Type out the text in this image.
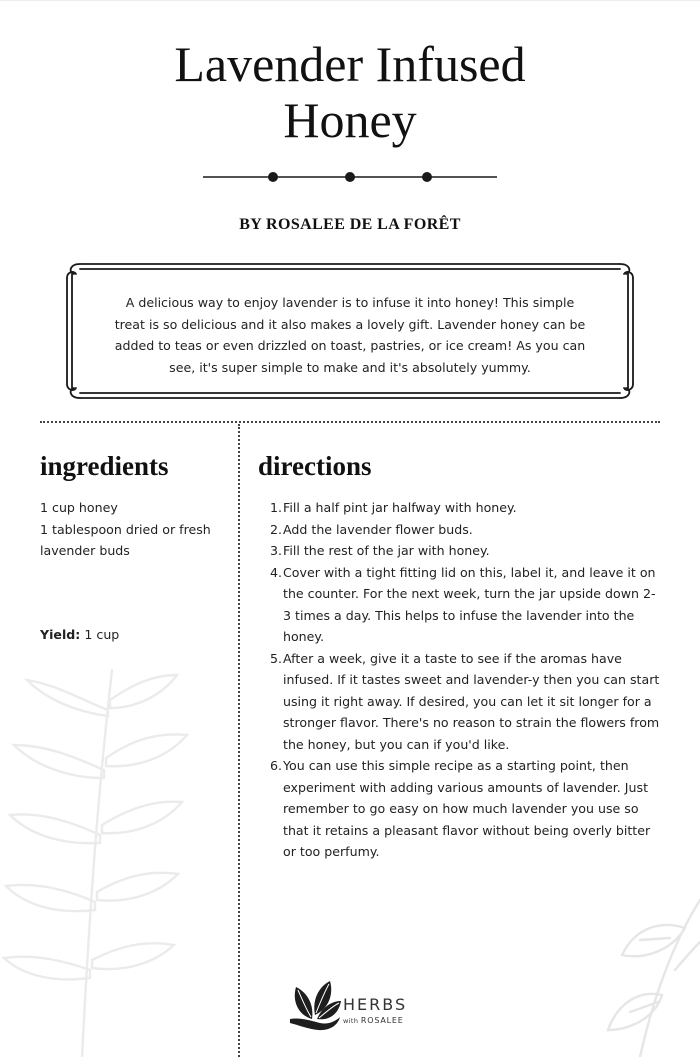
Lavender Infused
Honey
BY ROSALEE DE LA FORÊT
A delicious way to enjoy lavender is to infuse it into honey! This simple treat is so delicious and it also makes a lovely gift. Lavender honey can be added to teas or even drizzled on toast, pastries, or ice cream! As you can see, it's super simple to make and it's absolutely yummy.
ingredients
1 cup honey
1 tablespoon dried or fresh lavender buds
Yield: 1 cup
directions
1. Fill a half pint jar halfway with honey.
2. Add the lavender flower buds.
3. Fill the rest of the jar with honey.
4. Cover with a tight fitting lid on this, label it, and leave it on the counter. For the next week, turn the jar upside down 2-3 times a day. This helps to infuse the lavender into the honey.
5. After a week, give it a taste to see if the aromas have infused. If it tastes sweet and lavender-y then you can start using it right away. If desired, you can let it sit longer for a stronger flavor. There's no reason to strain the flowers from the honey, but you can if you'd like.
6. You can use this simple recipe as a starting point, then experiment with adding various amounts of lavender. Just remember to go easy on how much lavender you use so that it retains a pleasant flavor without being overly bitter or too perfumy.
HERBS
with ROSALEE
